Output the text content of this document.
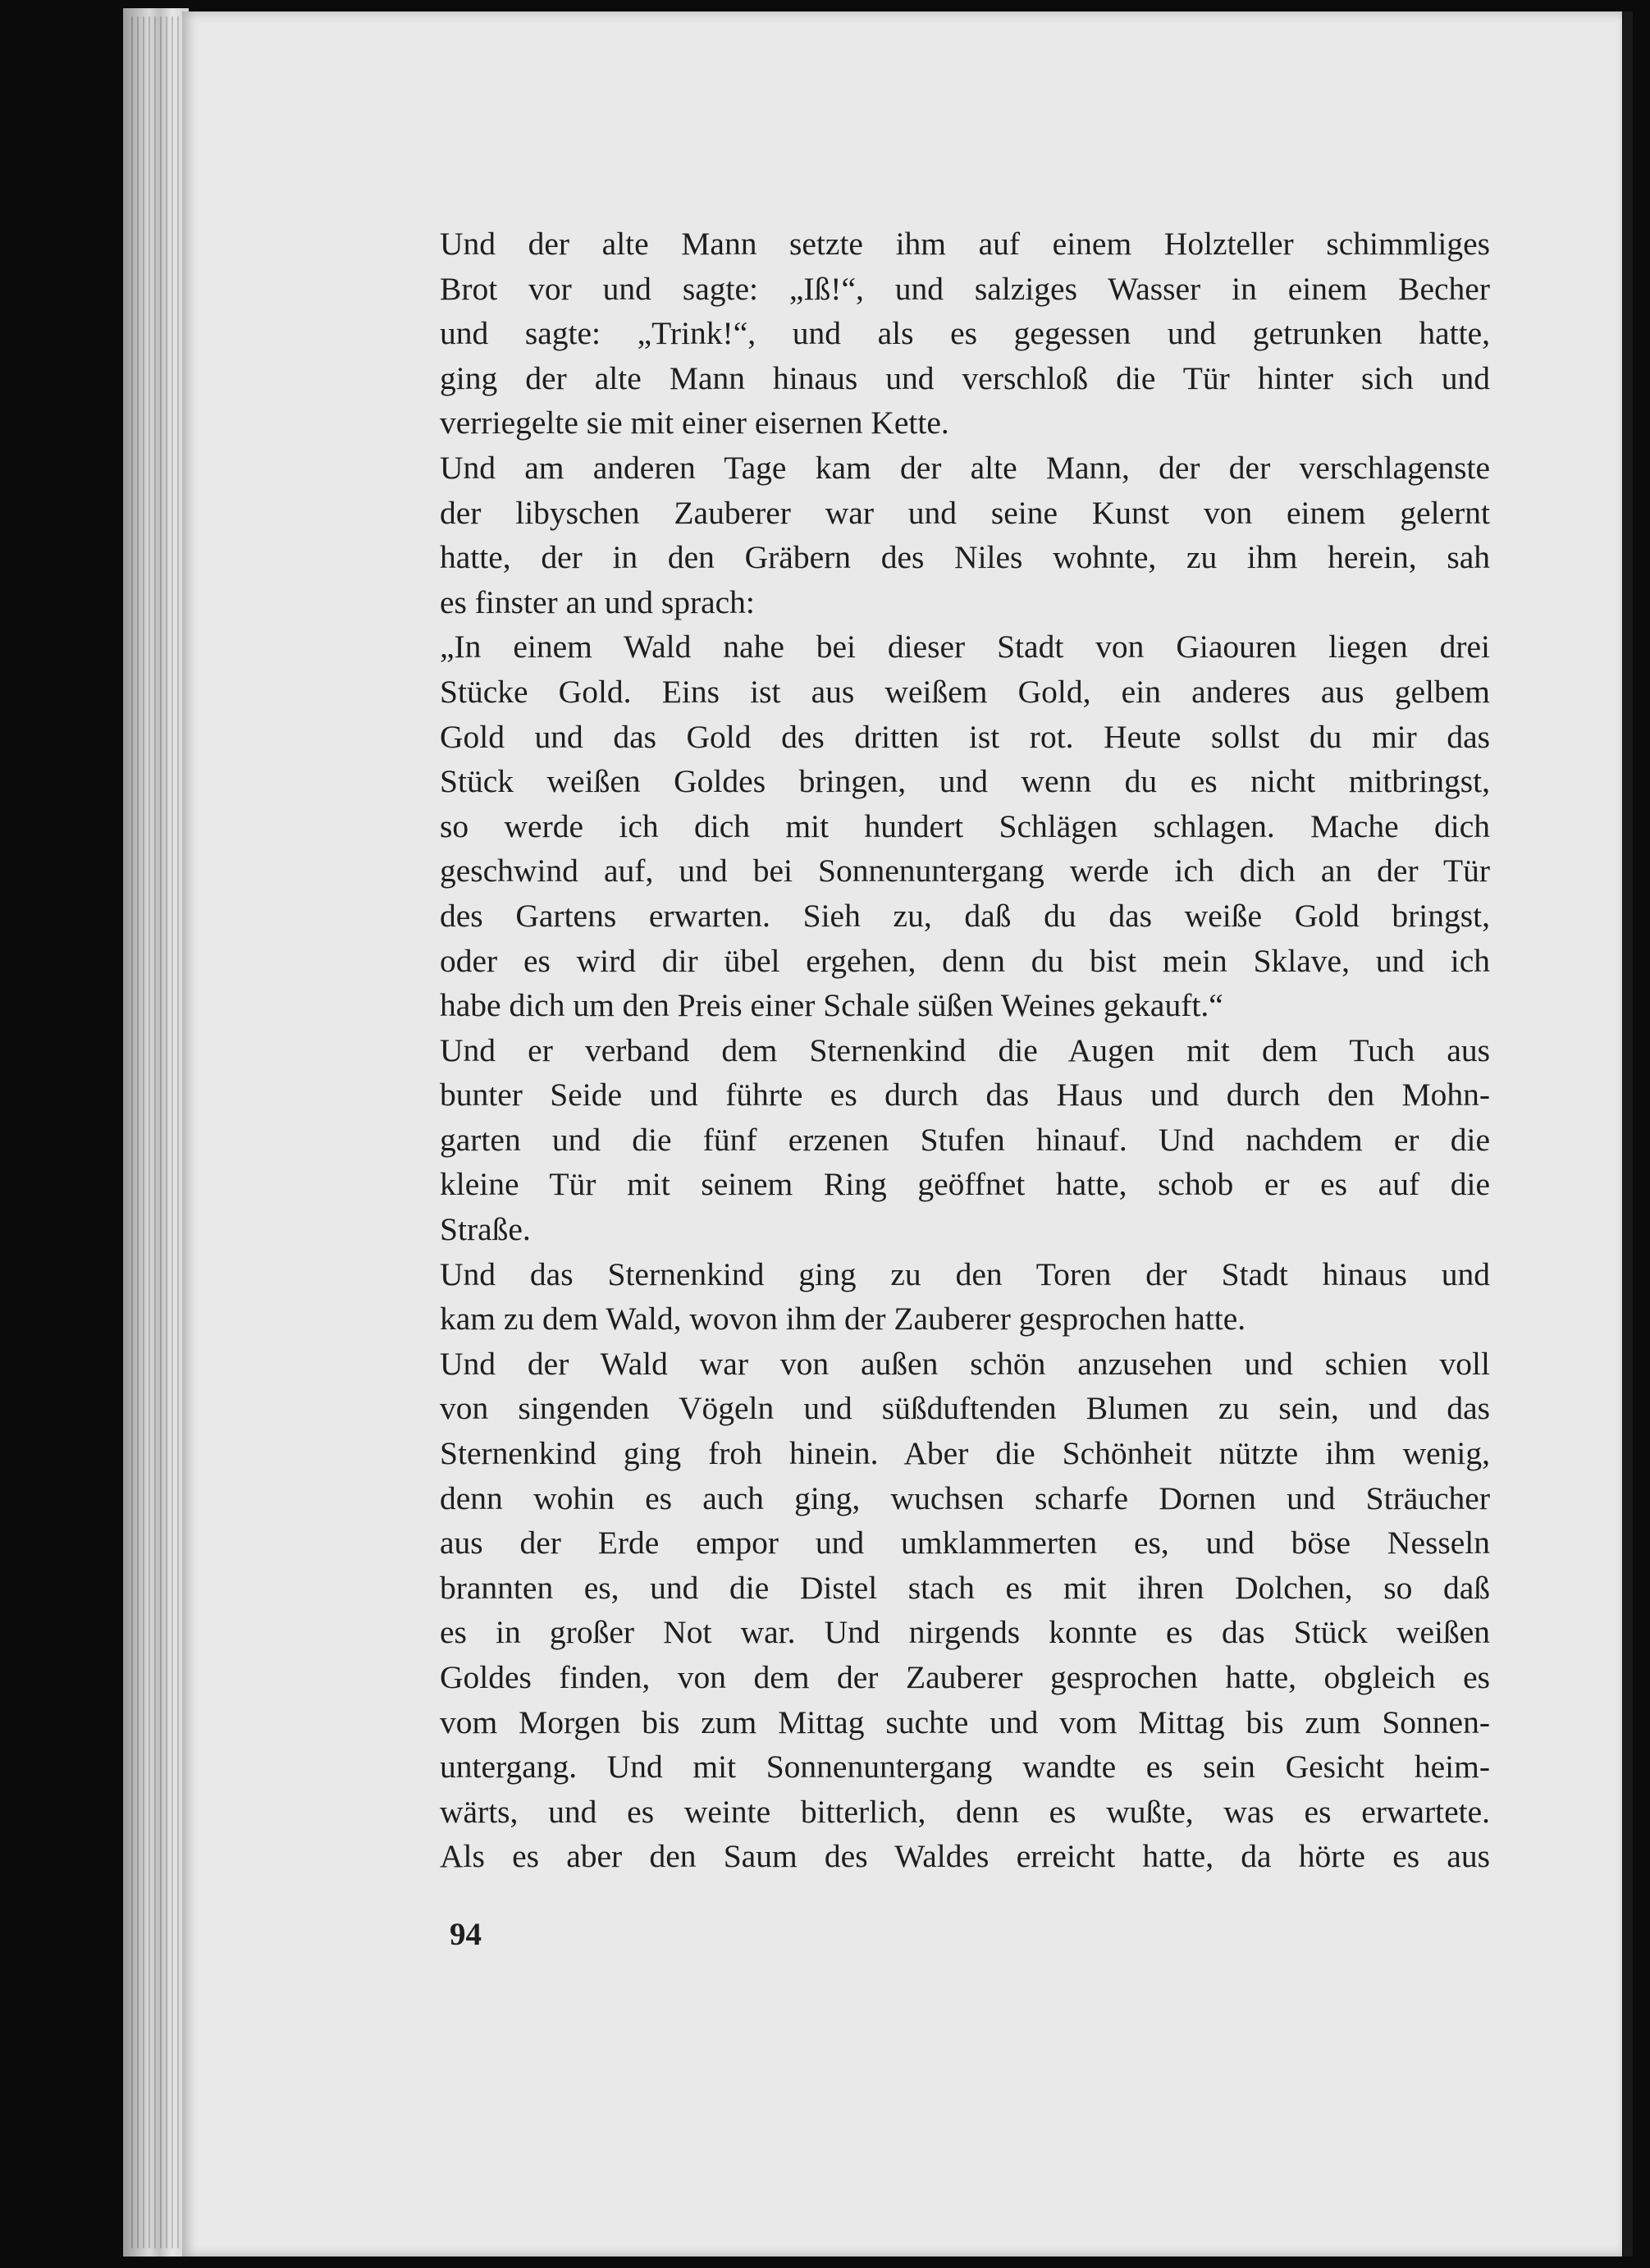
Und der alte Mann setzte ihm auf einem Holzteller schimmliges

Brot vor und sagte: „Iß!“, und salziges Wasser in einem Becher

und sagte: „Trink!“, und als es gegessen und getrunken hatte,

ging der alte Mann hinaus und verschloß die Tür hinter sich und

verriegelte sie mit einer eisernen Kette.

Und am anderen Tage kam der alte Mann, der der verschlagenste

der libyschen Zauberer war und seine Kunst von einem gelernt

hatte, der in den Gräbern des Niles wohnte, zu ihm herein, sah

es finster an und sprach:

„In einem Wald nahe bei dieser Stadt von Giaouren liegen drei

Stücke Gold. Eins ist aus weißem Gold, ein anderes aus gelbem

Gold und das Gold des dritten ist rot. Heute sollst du mir das

Stück weißen Goldes bringen, und wenn du es nicht mitbringst,

so werde ich dich mit hundert Schlägen schlagen. Mache dich

geschwind auf, und bei Sonnenuntergang werde ich dich an der Tür

des Gartens erwarten. Sieh zu, daß du das weiße Gold bringst,

oder es wird dir übel ergehen, denn du bist mein Sklave, und ich

habe dich um den Preis einer Schale süßen Weines gekauft.“

Und er verband dem Sternenkind die Augen mit dem Tuch aus

bunter Seide und führte es durch das Haus und durch den Mohn-

garten und die fünf erzenen Stufen hinauf. Und nachdem er die

kleine Tür mit seinem Ring geöffnet hatte, schob er es auf die

Straße.

Und das Sternenkind ging zu den Toren der Stadt hinaus und

kam zu dem Wald, wovon ihm der Zauberer gesprochen hatte.

Und der Wald war von außen schön anzusehen und schien voll

von singenden Vögeln und süßduftenden Blumen zu sein, und das

Sternenkind ging froh hinein. Aber die Schönheit nützte ihm wenig,

denn wohin es auch ging, wuchsen scharfe Dornen und Sträucher

aus der Erde empor und umklammerten es, und böse Nesseln

brannten es, und die Distel stach es mit ihren Dolchen, so daß

es in großer Not war. Und nirgends konnte es das Stück weißen

Goldes finden, von dem der Zauberer gesprochen hatte, obgleich es

vom Morgen bis zum Mittag suchte und vom Mittag bis zum Sonnen-

untergang. Und mit Sonnenuntergang wandte es sein Gesicht heim-

wärts, und es weinte bitterlich, denn es wußte, was es erwartete.

Als es aber den Saum des Waldes erreicht hatte, da hörte es aus

94
